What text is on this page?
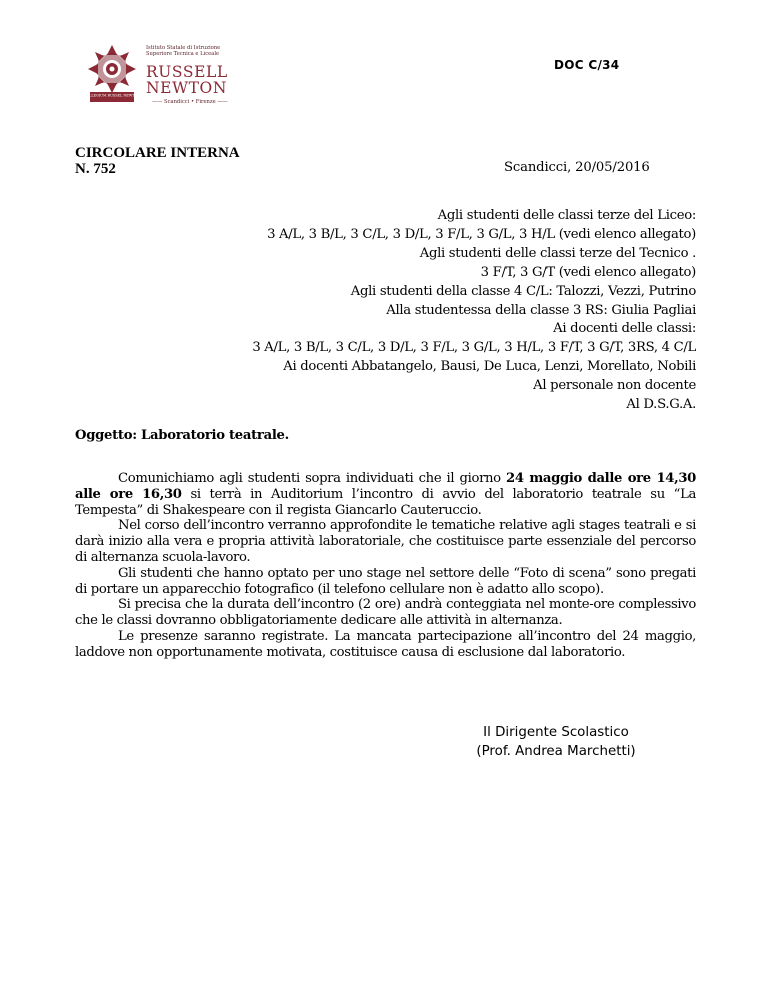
COLLEGIUM RUSSEL NEWTON
Istituto Statale di Istruzione
Superiore Tecnica e Liceale
RUSSELL
NEWTON
—— Scandicci • Firenze ——
DOC C/34
CIRCOLARE INTERNA
N. 752	Scandicci, 20/05/2016
Agli studenti delle classi terze del Liceo:
3 A/L, 3 B/L, 3 C/L, 3 D/L, 3 F/L, 3 G/L, 3 H/L (vedi elenco allegato)
Agli studenti delle classi terze del Tecnico .
3 F/T, 3 G/T (vedi elenco allegato)
Agli studenti della classe 4 C/L: Talozzi, Vezzi, Putrino
Alla studentessa della classe 3 RS: Giulia Pagliai
Ai docenti delle classi:
3 A/L, 3 B/L, 3 C/L, 3 D/L, 3 F/L, 3 G/L, 3 H/L, 3 F/T, 3 G/T, 3RS, 4 C/L
Ai docenti Abbatangelo, Bausi, De Luca, Lenzi, Morellato, Nobili
Al personale non docente
Al D.S.G.A.
Oggetto: Laboratorio teatrale.

Comunichiamo agli studenti sopra individuati che il giorno 24 maggio dalle ore 14,30 alle ore 16,30 si terrà in Auditorium l’incontro di avvio del laboratorio teatrale su “La Tempesta” di Shakespeare con il regista Giancarlo Cauteruccio.

Nel corso dell’incontro verranno approfondite le tematiche relative agli stages teatrali e si darà inizio alla vera e propria attività laboratoriale, che costituisce parte essenziale del percorso di alternanza scuola-lavoro.

Gli studenti che hanno optato per uno stage nel settore delle “Foto di scena” sono pregati di portare un apparecchio fotografico (il telefono cellulare non è adatto allo scopo).

Si precisa che la durata dell’incontro (2 ore) andrà conteggiata nel monte-ore complessivo che le classi dovranno obbligatoriamente dedicare alle attività in alternanza.

Le presenze saranno registrate. La mancata partecipazione all’incontro del 24 maggio, laddove non opportunamente motivata, costituisce causa di esclusione dal laboratorio.

Il Dirigente Scolastico
(Prof. Andrea Marchetti)
